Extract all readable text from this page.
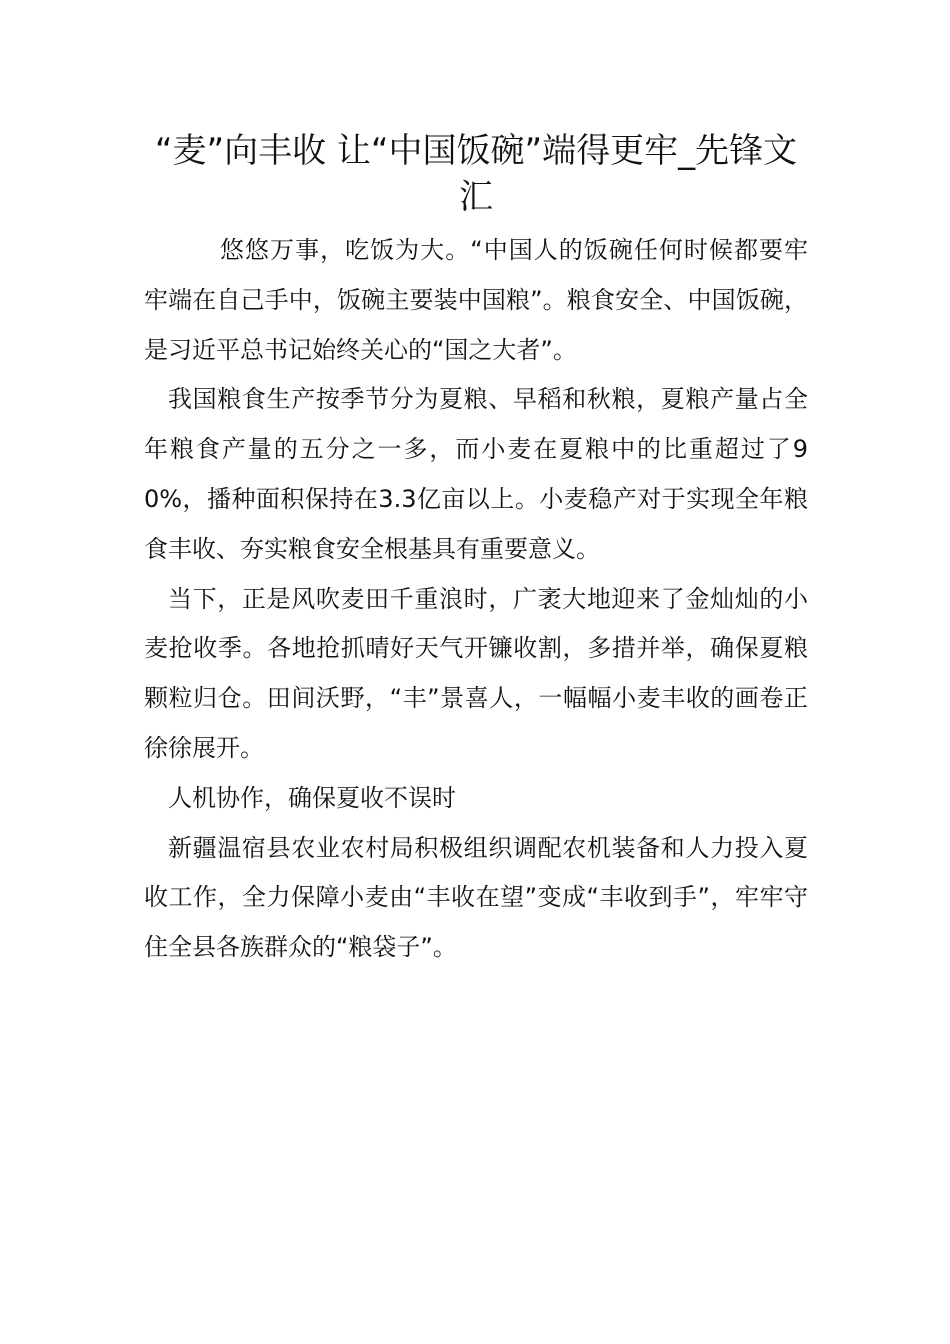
“麦”向丰收 让“中国饭碗”端得更牢_先锋文汇

悠悠万事，吃饭为大。“中国人的饭碗任何时候都要牢牢端在自己手中，饭碗主要装中国粮”。粮食安全、中国饭碗，是习近平总书记始终关心的“国之大者”。

我国粮食生产按季节分为夏粮、早稻和秋粮，夏粮产量占全年粮食产量的五分之一多，而小麦在夏粮中的比重超过了90%，播种面积保持在3.3亿亩以上。小麦稳产对于实现全年粮食丰收、夯实粮食安全根基具有重要意义。

当下，正是风吹麦田千重浪时，广袤大地迎来了金灿灿的小麦抢收季。各地抢抓晴好天气开镰收割，多措并举，确保夏粮颗粒归仓。田间沃野，“丰”景喜人，一幅幅小麦丰收的画卷正徐徐展开。

人机协作，确保夏收不误时

新疆温宿县农业农村局积极组织调配农机装备和人力投入夏收工作，全力保障小麦由“丰收在望”变成“丰收到手”，牢牢守住全县各族群众的“粮袋子”。
